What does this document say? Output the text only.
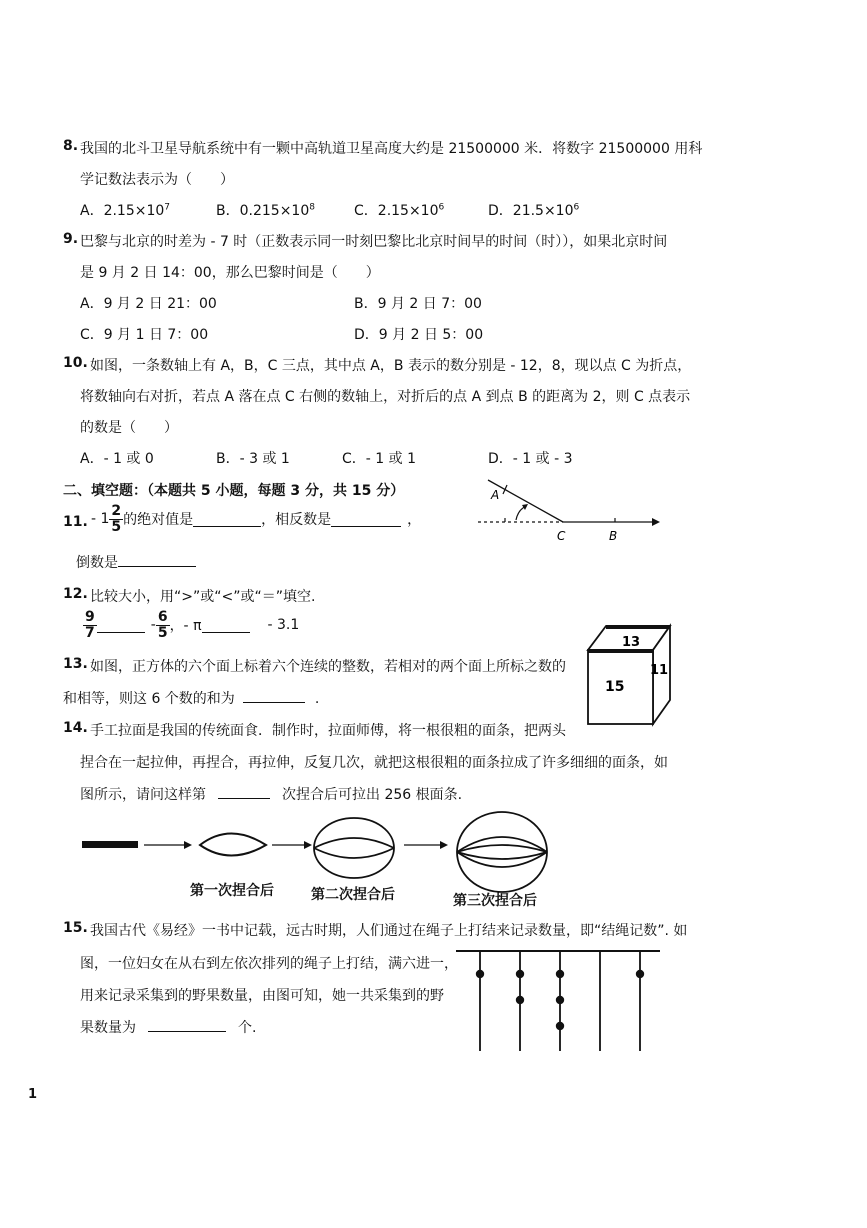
8. 我国的北斗卫星导航系统中有一颗中高轨道卫星高度大约是 21500000 米．将数字 21500000 用科
学记数法表示为（　　）
A．$2.15\times 10^7$	B．$0.215\times 10^8$	C．$2.15\times 10^6$	D．$21.5\times 10^6$
9. 巴黎与北京的时差为 - 7 时（正数表示同一时刻巴黎比北京时间早的时间（时）），如果北京时间
是 9 月 2 日 14：00，那么巴黎时间是（　　）
A．9 月 2 日 21：00	B．9 月 2 日 7：00
C．9 月 1 日 7：00	D．9 月 2 日 5：00
10. 如图，一条数轴上有 A，B，C 三点，其中点 A，B 表示的数分别是 - 12，8，现以点 C 为折点，
将数轴向右对折，若点 A 落在点 C 右侧的数轴上，对折后的点 A 到点 B 的距离为 2，则 C 点表示
的数是（　　）
A．- 1 或 0	B．- 3 或 1	C．- 1 或 1	D．- 1 或 - 3
二、填空题：（本题共 5 小题，每题 3 分，共 15 分）	A
C	B
11. - $1 \frac{2}{5}$ 的绝对值是	，相反数是	，
倒数是
12. 比较大小，用“>”或“<”或“＝”填空.
$\frac{9}{7}$	- $\frac{6}{5}$ ，- π	- 3.1
13. 如图，正方体的六个面上标着六个连续的整数，若相对的两个面上所标之数的
和相等，则这 6 个数的和为	.
13
15
11
14. 手工拉面是我国的传统面食．制作时，拉面师傅，将一根很粗的面条，把两头
捏合在一起拉伸，再捏合，再拉伸，反复几次，就把这根很粗的面条拉成了许多细细的面条，如
图所示，请问这样第	次捏合后可拉出 256 根面条.
第一次捏合后	第二次捏合后	第三次捏合后
15. 我国古代《易经》一书中记载，远古时期，人们通过在绳子上打结来记录数量，即“结绳记数”. 如
图，一位妇女在从右到左依次排列的绳子上打结，满六进一，
用来记录采集到的野果数量，由图可知，她一共采集到的野
果数量为	个.
1
